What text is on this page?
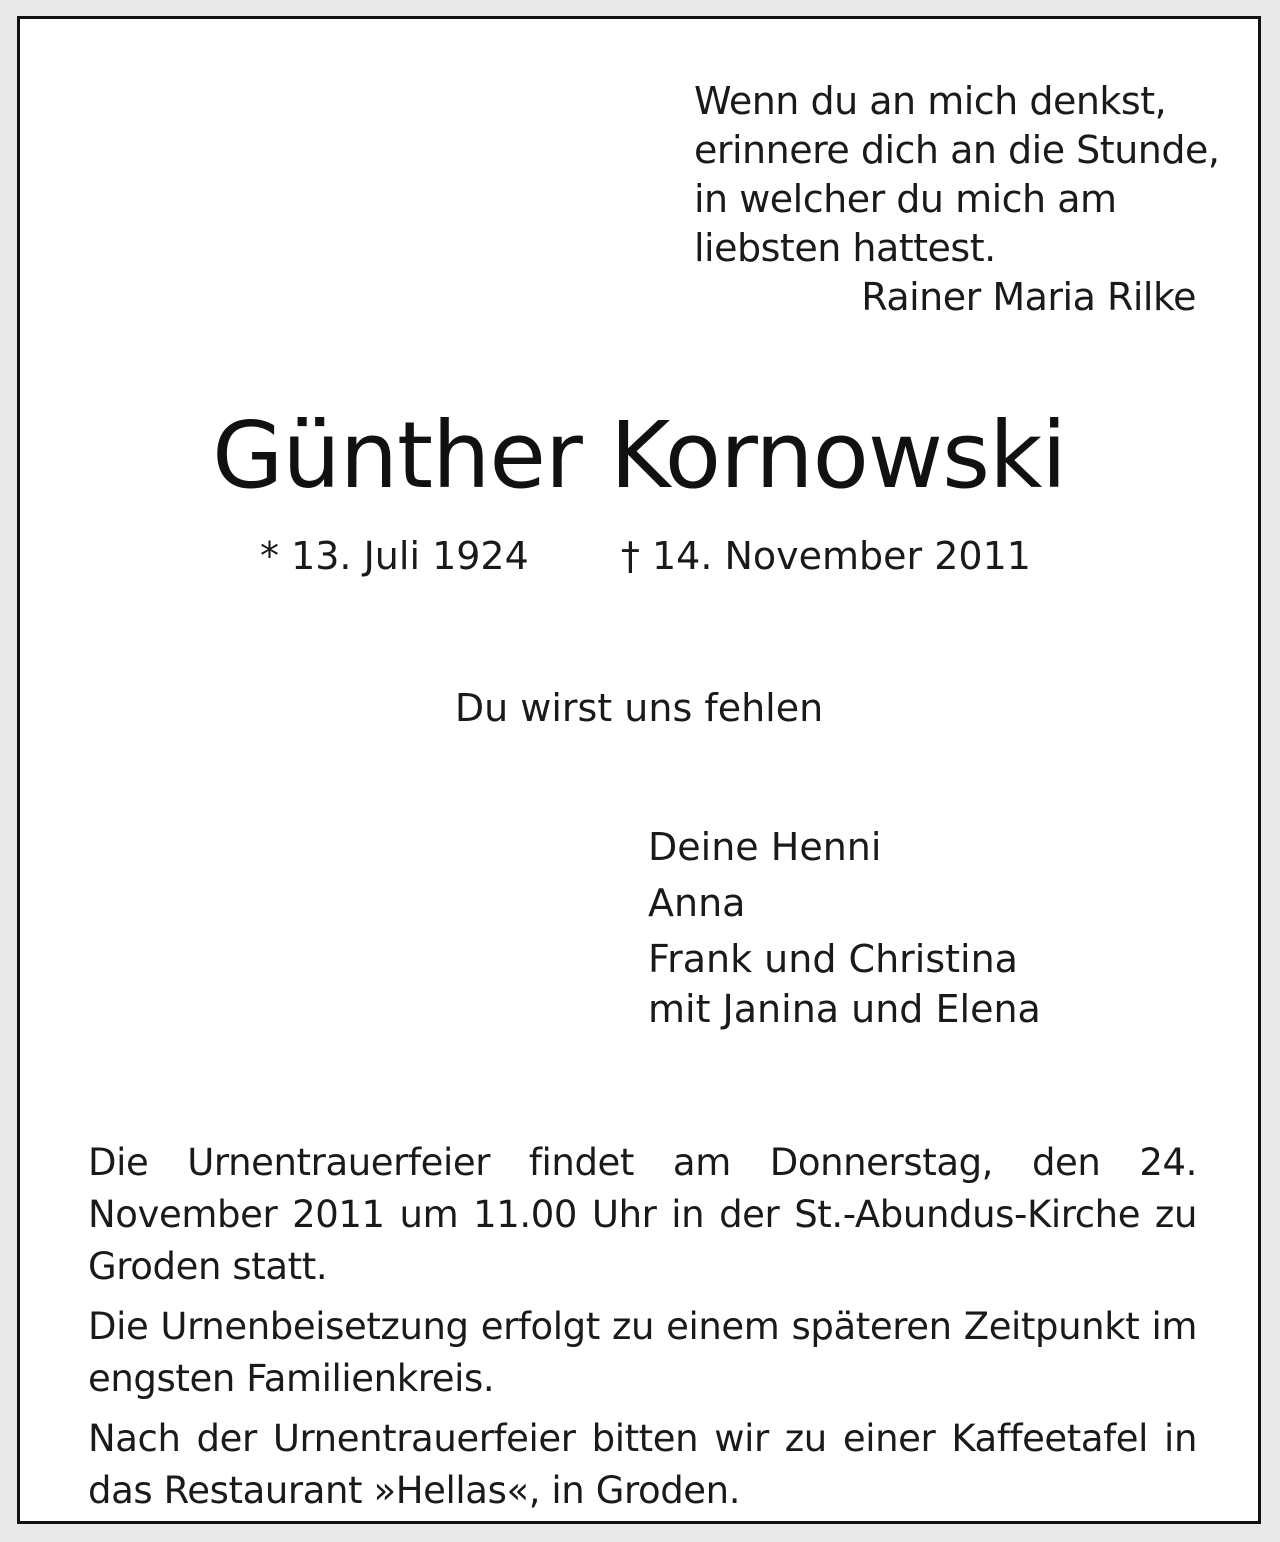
Wenn du an mich denkst,
erinnere dich an die Stunde,
in welcher du mich am
liebsten hattest.
Rainer Maria Rilke
Günther Kornowski
* 13. Juli 1924 † 14. November 2011
Du wirst uns fehlen
Deine Henni
Anna
Frank und Christina
mit Janina und Elena

Die Urnentrauerfeier findet am Donnerstag, den 24. November 2011 um 11.00 Uhr in der St.-Abundus-Kirche zu Groden statt.

Die Urnenbeisetzung erfolgt zu einem späteren Zeitpunkt im engsten Familienkreis.

Nach der Urnentrauerfeier bitten wir zu einer Kaffeetafel in das Restaurant »Hellas«, in Groden.
